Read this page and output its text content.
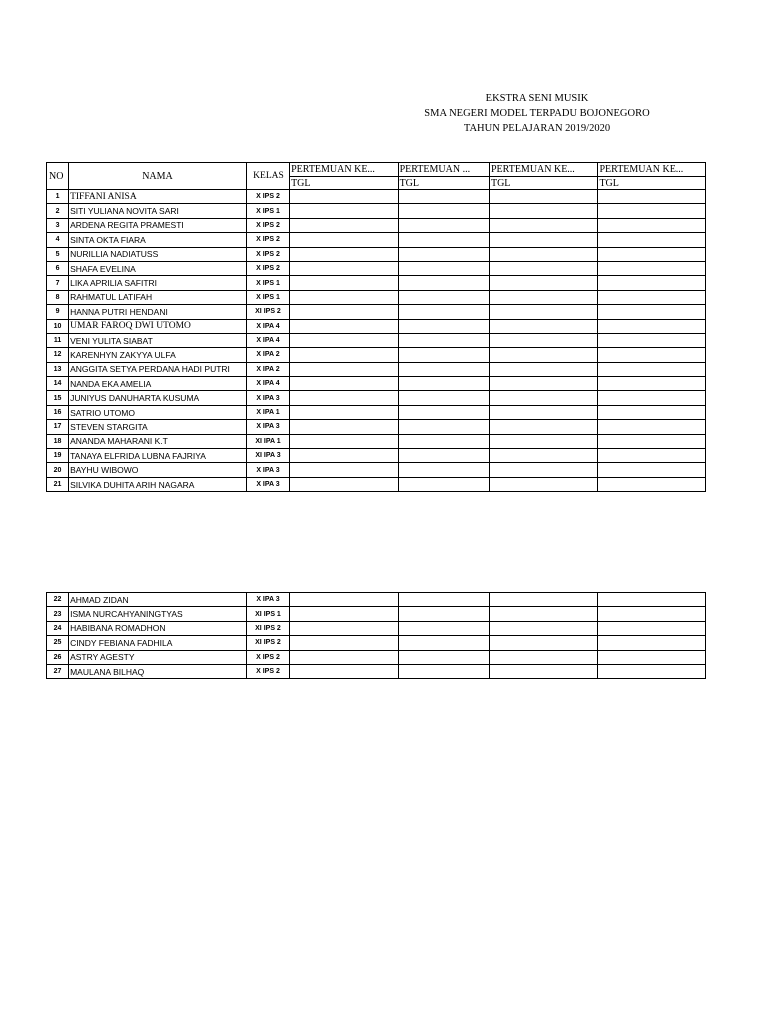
EKSTRA SENI MUSIK
SMA NEGERI MODEL TERPADU BOJONEGORO
TAHUN PELAJARAN 2019/2020
NO	NAMA	KELAS	PERTEMUAN KE...	PERTEMUAN ...	PERTEMUAN KE...	PERTEMUAN KE...
			TGL	TGL	TGL	TGL
1	TIFFANI ANISA	X IPS 2				
2	SITI YULIANA NOVITA SARI	X IPS 1				
3	ARDENA REGITA PRAMESTI	X IPS 2				
4	SINTA OKTA FIARA	X IPS 2				
5	NURILLIA NADIATUSS	X IPS 2				
6	SHAFA EVELINA	X IPS 2				
7	LIKA APRILIA SAFITRI	X IPS 1				
8	RAHMATUL LATIFAH	X IPS 1				
9	HANNA PUTRI HENDANI	XI IPS 2				
10	UMAR FAROQ DWI UTOMO	X IPA 4				
11	VENI YULITA SIABAT	X IPA 4				
12	KARENHYN ZAKYYA ULFA	X IPA 2				
13	ANGGITA SETYA PERDANA HADI PUTRI	X IPA 2				
14	NANDA EKA AMELIA	X IPA 4				
15	JUNIYUS DANUHARTA KUSUMA	X IPA 3				
16	SATRIO UTOMO	X IPA 1				
17	STEVEN STARGITA	X IPA 3				
18	ANANDA MAHARANI K.T	XI IPA 1				
19	TANAYA ELFRIDA LUBNA FAJRIYA	XI IPA 3				
20	BAYHU WIBOWO	X IPA 3				
21	SILVIKA DUHITA ARIH NAGARA	X IPA 3				
22	AHMAD ZIDAN	X IPA 3				
23	ISMA NURCAHYANINGTYAS	XI IPS 1				
24	HABIBANA ROMADHON	XI IPS 2				
25	CINDY FEBIANA FADHILA	XI IPS 2				
26	ASTRY AGESTY	X IPS 2				
27	MAULANA BILHAQ	X IPS 2				
